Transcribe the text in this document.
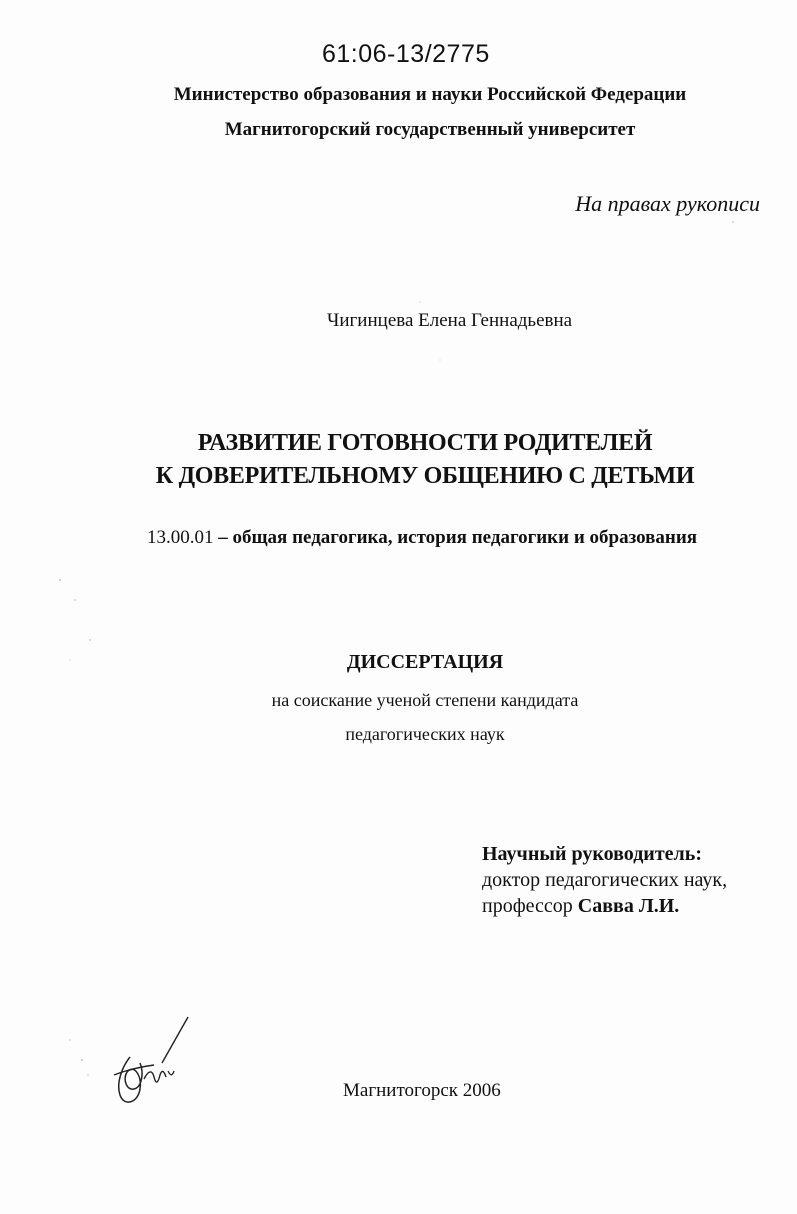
61:06-13/2775
Министерство образования и науки Российской Федерации
Магнитогорский государственный университет
На правах рукописи
Чигинцева Елена Геннадьевна
РАЗВИТИЕ ГОТОВНОСТИ РОДИТЕЛЕЙ
К ДОВЕРИТЕЛЬНОМУ ОБЩЕНИЮ С ДЕТЬМИ
13.00.01 – общая педагогика, история педагогики и образования
ДИССЕРТАЦИЯ
на соискание ученой степени кандидата
педагогических наук
Научный руководитель:
доктор педагогических наук,
профессор Савва Л.И.
Магнитогорск 2006
